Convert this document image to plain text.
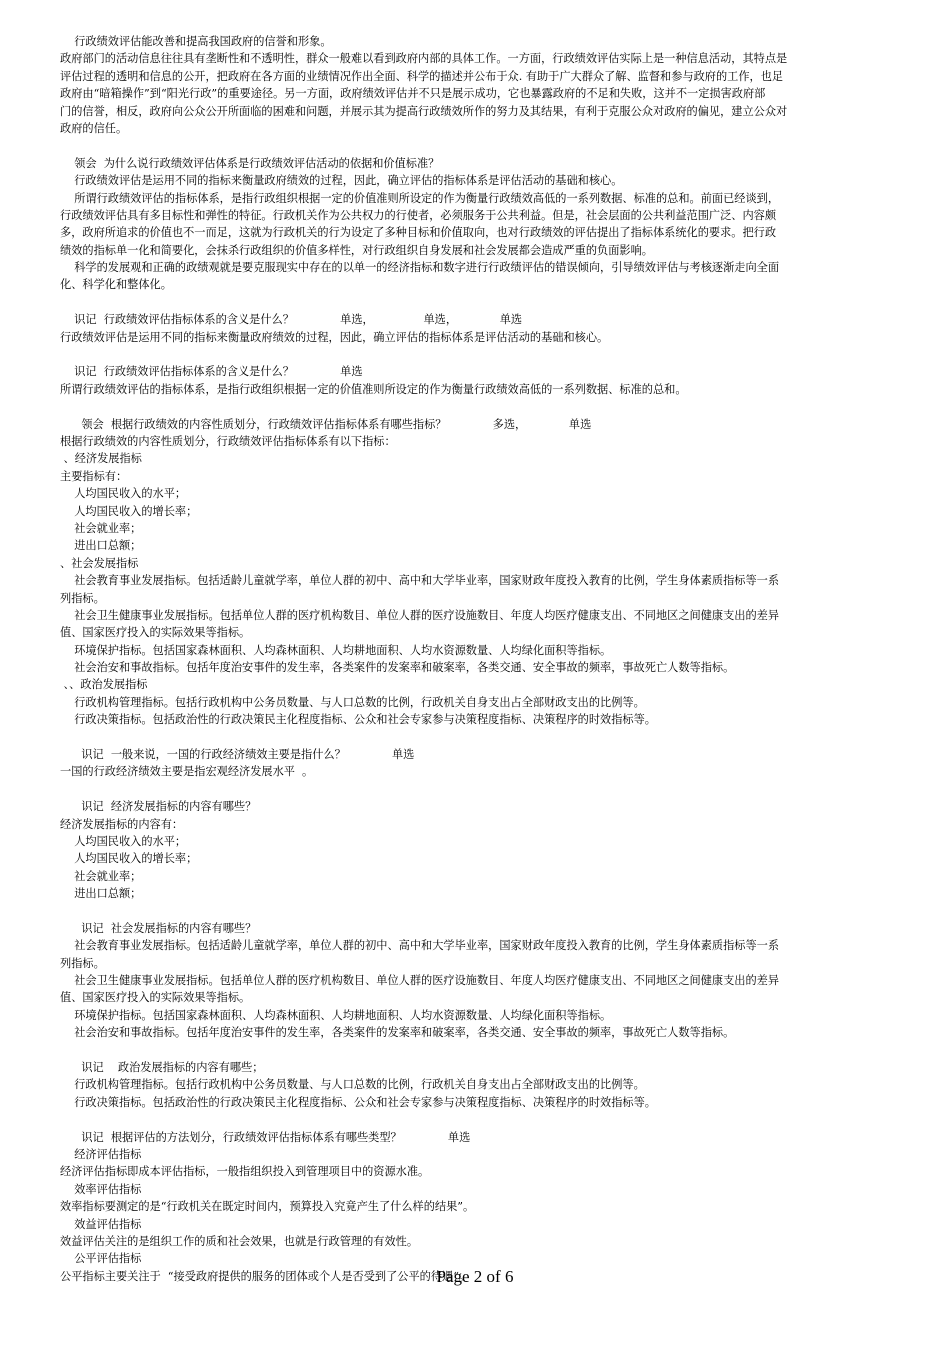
行政绩效评估能改善和提高我国政府的信誉和形象。
政府部门的活动信息往往具有垄断性和不透明性，群众一般难以看到政府内部的具体工作。一方面，行政绩效评估实际上是一种信息活动，其特点是
评估过程的透明和信息的公开，把政府在各方面的业绩情况作出全面、科学的描述并公布于众. 有助于广大群众了解、监督和参与政府的工作，也足
政府由“暗箱操作”到“阳光行政”的重要途径。另一方面，政府绩效评估并不只是展示成功，它也暴露政府的不足和失败，这并不一定损害政府部
门的信誉，相反，政府向公众公开所面临的困难和问题，并展示其为提高行政绩效所作的努力及其结果，有利于克服公众对政府的偏见，建立公众对
政府的信任。
领会  为什么说行政绩效评估体系是行政绩效评估活动的依据和价值标准？
行政绩效评估是运用不同的指标来衡量政府绩效的过程，因此，确立评估的指标体系是评估活动的基础和核心。
所谓行政绩效评估的指标体系，是指行政组织根据一定的价值准则所设定的作为衡量行政绩效高低的一系列数据、标准的总和。前面已经谈到，
行政绩效评估具有多目标性和弹性的特征。行政机关作为公共权力的行使者，必须服务于公共利益。但是，社会层面的公共利益范围广泛、内容颇
多，政府所追求的价值也不一而足，这就为行政机关的行为设定了多种目标和价值取向，也对行政绩效的评估提出了指标体系统化的要求。把行政
绩效的指标单一化和简要化，会抹杀行政组织的价值多样性，对行政组织自身发展和社会发展都会造成严重的负面影响。
科学的发展观和正确的政绩观就是要克服现实中存在的以单一的经济指标和数字进行行政绩评估的错误倾向，引导绩效评估与考核逐渐走向全面
化、科学化和整体化。
识记  行政绩效评估指标体系的含义是什么？             单选，              单选，            单选
行政绩效评估是运用不同的指标来衡量政府绩效的过程，因此，确立评估的指标体系是评估活动的基础和核心。
识记  行政绩效评估指标体系的含义是什么？             单选
所谓行政绩效评估的指标体系，是指行政组织根据一定的价值准则所设定的作为衡量行政绩效高低的一系列数据、标准的总和。
领会  根据行政绩效的内容性质划分，行政绩效评估指标体系有哪些指标？             多选，            单选
根据行政绩效的内容性质划分，行政绩效评估指标体系有以下指标：
、经济发展指标
主要指标有：
人均国民收入的水平；
人均国民收入的增长率；
社会就业率；
进出口总额；
、社会发展指标
社会教育事业发展指标。包括适龄儿童就学率，单位人群的初中、高中和大学毕业率，国家财政年度投入教育的比例，学生身体素质指标等一系
列指标。
社会卫生健康事业发展指标。包括单位人群的医疗机构数目、单位人群的医疗设施数目、年度人均医疗健康支出、不同地区之间健康支出的差异
值、国家医疗投入的实际效果等指标。
环境保护指标。包括国家森林面积、人均森林面积、人均耕地面积、人均水资源数量、人均绿化面积等指标。
社会治安和事故指标。包括年度治安事件的发生率，各类案件的发案率和破案率，各类交通、安全事故的频率，事故死亡人数等指标。
、、政治发展指标
行政机构管理指标。包括行政机构中公务员数量、与人口总数的比例，行政机关自身支出占全部财政支出的比例等。
行政决策指标。包括政治性的行政决策民主化程度指标、公众和社会专家参与决策程度指标、决策程序的时效指标等。
识记  一般来说，一国的行政经济绩效主要是指什么？             单选
一国的行政经济绩效主要是指宏观经济发展水平  。
识记  经济发展指标的内容有哪些？
经济发展指标的内容有：
人均国民收入的水平；
人均国民收入的增长率；
社会就业率；
进出口总额；
识记  社会发展指标的内容有哪些？
社会教育事业发展指标。包括适龄儿童就学率，单位人群的初中、高中和大学毕业率，国家财政年度投入教育的比例，学生身体素质指标等一系
列指标。
社会卫生健康事业发展指标。包括单位人群的医疗机构数目、单位人群的医疗设施数目、年度人均医疗健康支出、不同地区之间健康支出的差异
值、国家医疗投入的实际效果等指标。
环境保护指标。包括国家森林面积、人均森林面积、人均耕地面积、人均水资源数量、人均绿化面积等指标。
社会治安和事故指标。包括年度治安事件的发生率，各类案件的发案率和破案率，各类交通、安全事故的频率，事故死亡人数等指标。
识记    政治发展指标的内容有哪些；
行政机构管理指标。包括行政机构中公务员数量、与人口总数的比例，行政机关自身支出占全部财政支出的比例等。
行政决策指标。包括政治性的行政决策民主化程度指标、公众和社会专家参与决策程度指标、决策程序的时效指标等。
识记  根据评估的方法划分，行政绩效评估指标体系有哪些类型？             单选
经济评估指标
经济评估指标即成本评估指标，一般指组织投入到管理项目中的资源水准。
效率评估指标
效率指标要测定的是“行政机关在既定时间内，预算投入究竟产生了什么样的结果”。
效益评估指标
效益评估关注的是组织工作的质和社会效果，也就是行政管理的有效性。
公平评估指标
公平指标主要关注于  “接受政府提供的服务的团体或个人是否受到了公平的待遇“。
Page 2 of 6
